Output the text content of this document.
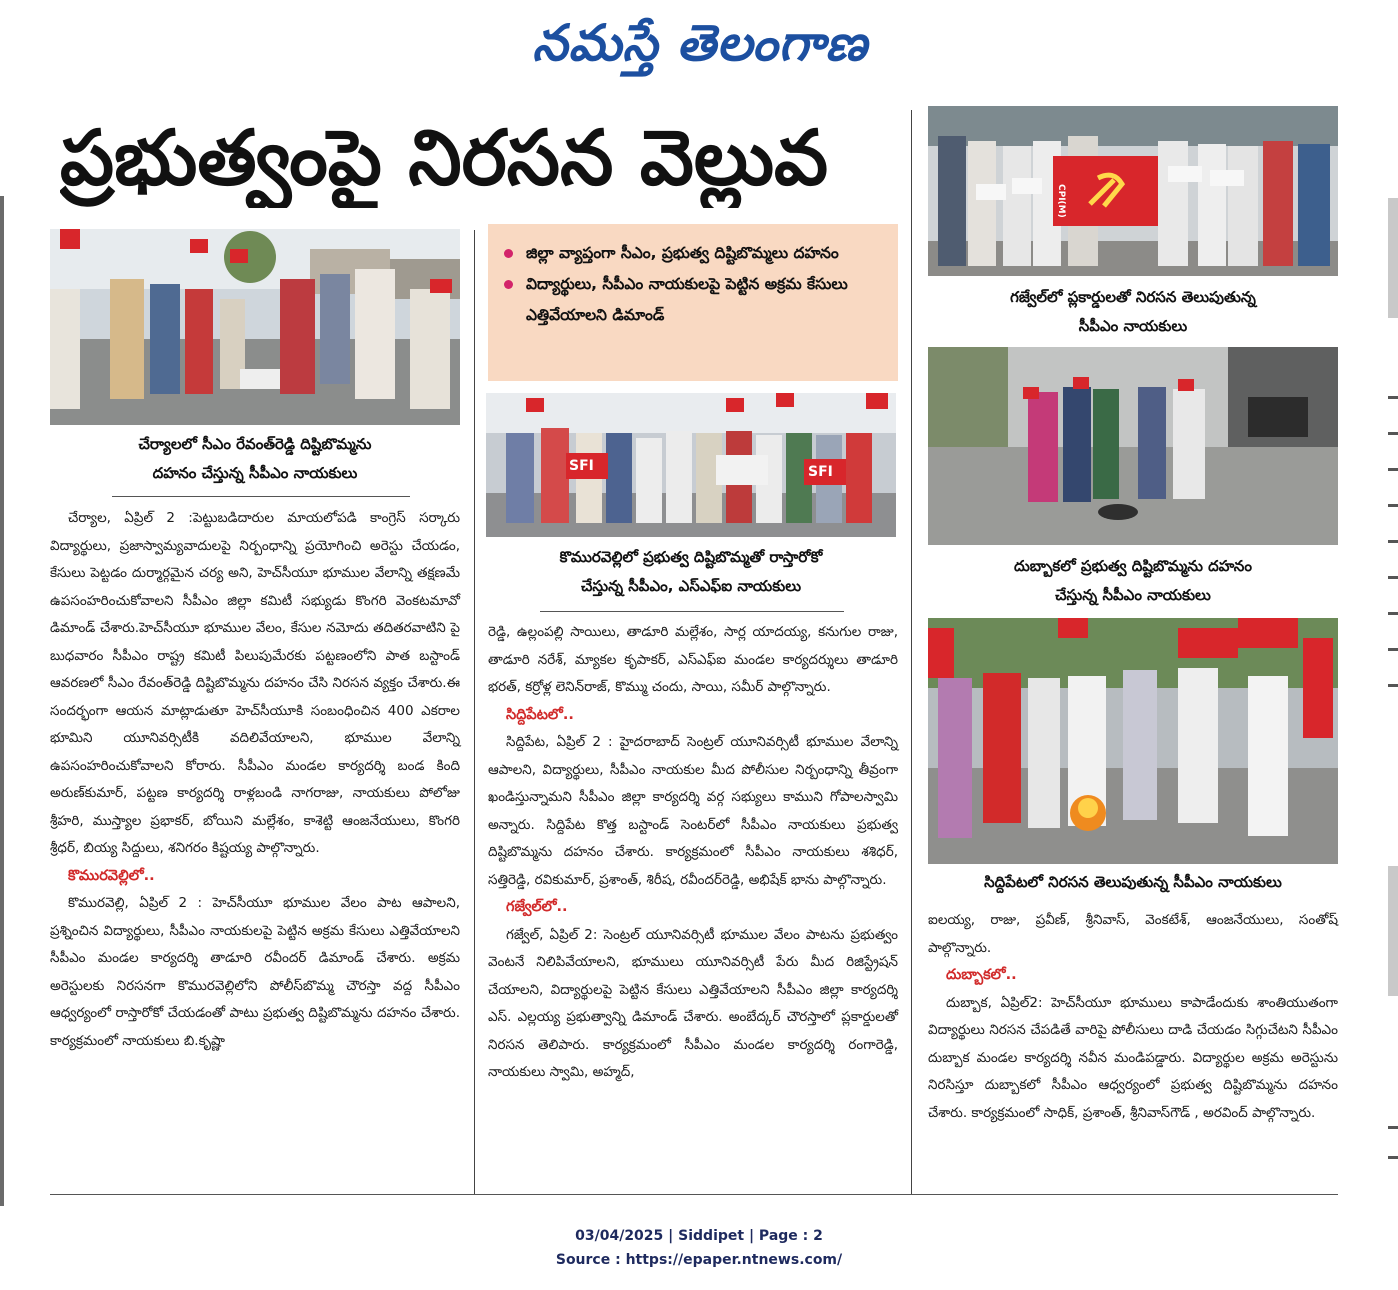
నమస్తే తెలంగాణ
ప్రభుత్వంపై నిరసన వెల్లువ
చేర్యాలలో సీఎం రేవంత్‌రెడ్డి దిష్టిబొమ్మను
దహనం చేస్తున్న సీపీఎం నాయకులు
జిల్లా వ్యాప్తంగా సీఎం, ప్రభుత్వ దిష్టిబొమ్మలు దహనం
విద్యార్థులు, సీపీఎం నాయకులపై పెట్టిన అక్రమ కేసులు ఎత్తివేయాలని డిమాండ్
SFI	SFI
కొమురవెల్లిలో ప్రభుత్వ దిష్టిబొమ్మతో రాస్తారోకో
చేస్తున్న సీపీఎం, ఎస్‌ఎఫ్‌ఐ నాయకులు
CPI(M)
గజ్వేల్‌లో ప్లకార్డులతో నిరసన తెలుపుతున్న
సీపీఎం నాయకులు
దుబ్బాకలో ప్రభుత్వ దిష్టిబొమ్మను దహనం
చేస్తున్న సీపీఎం నాయకులు
సిద్దిపేటలో నిరసన తెలుపుతున్న సీపీఎం నాయకులు

చేర్యాల, ఏప్రిల్ 2 :పెట్టుబడిదారుల మాయలోపడి కాంగ్రెస్ సర్కారు విద్యార్థులు, ప్రజాస్వామ్యవాదులపై నిర్బంధాన్ని ప్రయోగించి అరెస్టు చేయడం, కేసులు పెట్టడం దుర్మార్గమైన చర్య అని, హెచ్‌సీయూ భూముల వేలాన్ని తక్షణమే ఉపసంహరించుకోవాలని సీపీఎం జిల్లా కమిటీ సభ్యుడు కొంగరి వెంకటమావో డిమాండ్ చేశారు.హెచ్‌సీయూ భూముల వేలం, కేసుల నమోదు తదితరవాటిని పై బుధవారం సీపీఎం రాష్ట్ర కమిటీ పిలుపుమేరకు పట్టణంలోని పాత బస్టాండ్ ఆవరణలో సీఎం రేవంత్‌రెడ్డి దిష్టిబొమ్మను దహనం చేసి నిరసన వ్యక్తం చేశారు.ఈ సందర్భంగా ఆయన మాట్లాడుతూ హెచ్‌సీయూకి సంబంధించిన 400 ఎకరాల భూమిని యూనివర్సిటీకి వదిలివేయాలని, భూముల వేలాన్ని ఉపసంహరించుకోవాలని కోరారు. సీపీఎం మండల కార్యదర్శి బండ కింది అరుణ్‌కుమార్, పట్టణ కార్యదర్శి రాళ్లబండి నాగరాజు, నాయకులు పోలోజు శ్రీహరి, ముస్త్యాల ప్రభాకర్, బోయిని మల్లేశం, కాశెట్టి ఆంజనేయులు, కొంగరి శ్రీధర్, బియ్య సిద్దులు, శనిగరం కిష్టయ్య పాల్గొన్నారు.

కొమురవెల్లిలో..

కొమురవెల్లి, ఏప్రిల్ 2 : హెచ్‌సీయూ భూముల వేలం పాట ఆపాలని, ప్రశ్నించిన విద్యార్థులు, సీపీఎం నాయకులపై పెట్టిన అక్రమ కేసులు ఎత్తివేయాలని సీపీఎం మండల కార్యదర్శి తాడూరి రవీందర్ డిమాండ్ చేశారు. అక్రమ అరెస్టులకు నిరసనగా కొమురవెల్లిలోని పోలీస్‌బొమ్మ చౌరస్తా వద్ద సీపీఎం ఆధ్వర్యంలో రాస్తారోకో చేయడంతో పాటు ప్రభుత్వ దిష్టిబొమ్మను దహనం చేశారు. కార్యక్రమంలో నాయకులు బి.కృష్ణా

రెడ్డి, ఉల్లంపల్లి సాయిలు, తాడూరి మల్లేశం, సార్ల యాదయ్య, కనుగుల రాజు, తాడూరి నరేశ్, మ్యాకల కృపాకర్, ఎస్‌ఎఫ్‌ఐ మండల కార్యదర్శులు తాడూరి భరత్, కర్రోళ్ల లెనిన్‌రాజ్, కొమ్ము చందు, సాయి, సమీర్ పాల్గొన్నారు.

సిద్దిపేటలో..

సిద్దిపేట, ఏప్రిల్ 2 : హైదరాబాద్ సెంట్రల్ యూనివర్సిటీ భూముల వేలాన్ని ఆపాలని, విద్యార్థులు, సీపీఎం నాయకుల మీద పోలీసుల నిర్బంధాన్ని తీవ్రంగా ఖండిస్తున్నామని సీపీఎం జిల్లా కార్యదర్శి వర్గ సభ్యులు కాముని గోపాలస్వామి అన్నారు. సిద్దిపేట కొత్త బస్టాండ్ సెంటర్‌లో సీపీఎం నాయకులు ప్రభుత్వ దిష్టిబొమ్మను దహనం చేశారు. కార్యక్రమంలో సీపీఎం నాయకులు శశిధర్, సత్తిరెడ్డి, రవికుమార్, ప్రశాంత్, శిరీష, రవీందర్‌రెడ్డి, అభిషేక్ భాను పాల్గొన్నారు.

గజ్వేల్‌లో..

గజ్వేల్, ఏప్రిల్ 2: సెంట్రల్ యూనివర్సిటీ భూముల వేలం పాటను ప్రభుత్వం వెంటనే నిలిపివేయాలని, భూములు యూనివర్సిటీ పేరు మీద రిజిస్ట్రేషన్ చేయాలని, విద్యార్థులపై పెట్టిన కేసులు ఎత్తివేయాలని సీపీఎం జిల్లా కార్యదర్శి ఎస్. ఎల్లయ్య ప్రభుత్వాన్ని డిమాండ్ చేశారు. అంబేద్కర్ చౌరస్తాలో ప్లకార్డులతో నిరసన తెలిపారు. కార్యక్రమంలో సీపీఎం మండల కార్యదర్శి రంగారెడ్డి, నాయకులు స్వామి, అహ్మద్,

ఐలయ్య, రాజు, ప్రవీణ్, శ్రీనివాస్, వెంకటేశ్, ఆంజనేయులు, సంతోష్ పాల్గొన్నారు.

దుబ్బాకలో..

దుబ్బాక, ఏప్రిల్2: హెచ్‌సీయూ భూములు కాపాడేందుకు శాంతియుతంగా విద్యార్థులు నిరసన చేపడితే వారిపై పోలీసులు దాడి చేయడం సిగ్గుచేటని సీపీఎం దుబ్బాక మండల కార్యదర్శి నవీన మండిపడ్డారు. విద్యార్థుల అక్రమ అరెస్టును నిరసిస్తూ దుబ్బాకలో సీపీఎం ఆధ్వర్యంలో ప్రభుత్వ దిష్టిబొమ్మను దహనం చేశారు. కార్యక్రమంలో సాధిక్, ప్రశాంత్, శ్రీనివాస్‌గౌడ్ , అరవింద్ పాల్గొన్నారు.

03/04/2025 | Siddipet | Page : 2
Source : https://epaper.ntnews.com/
